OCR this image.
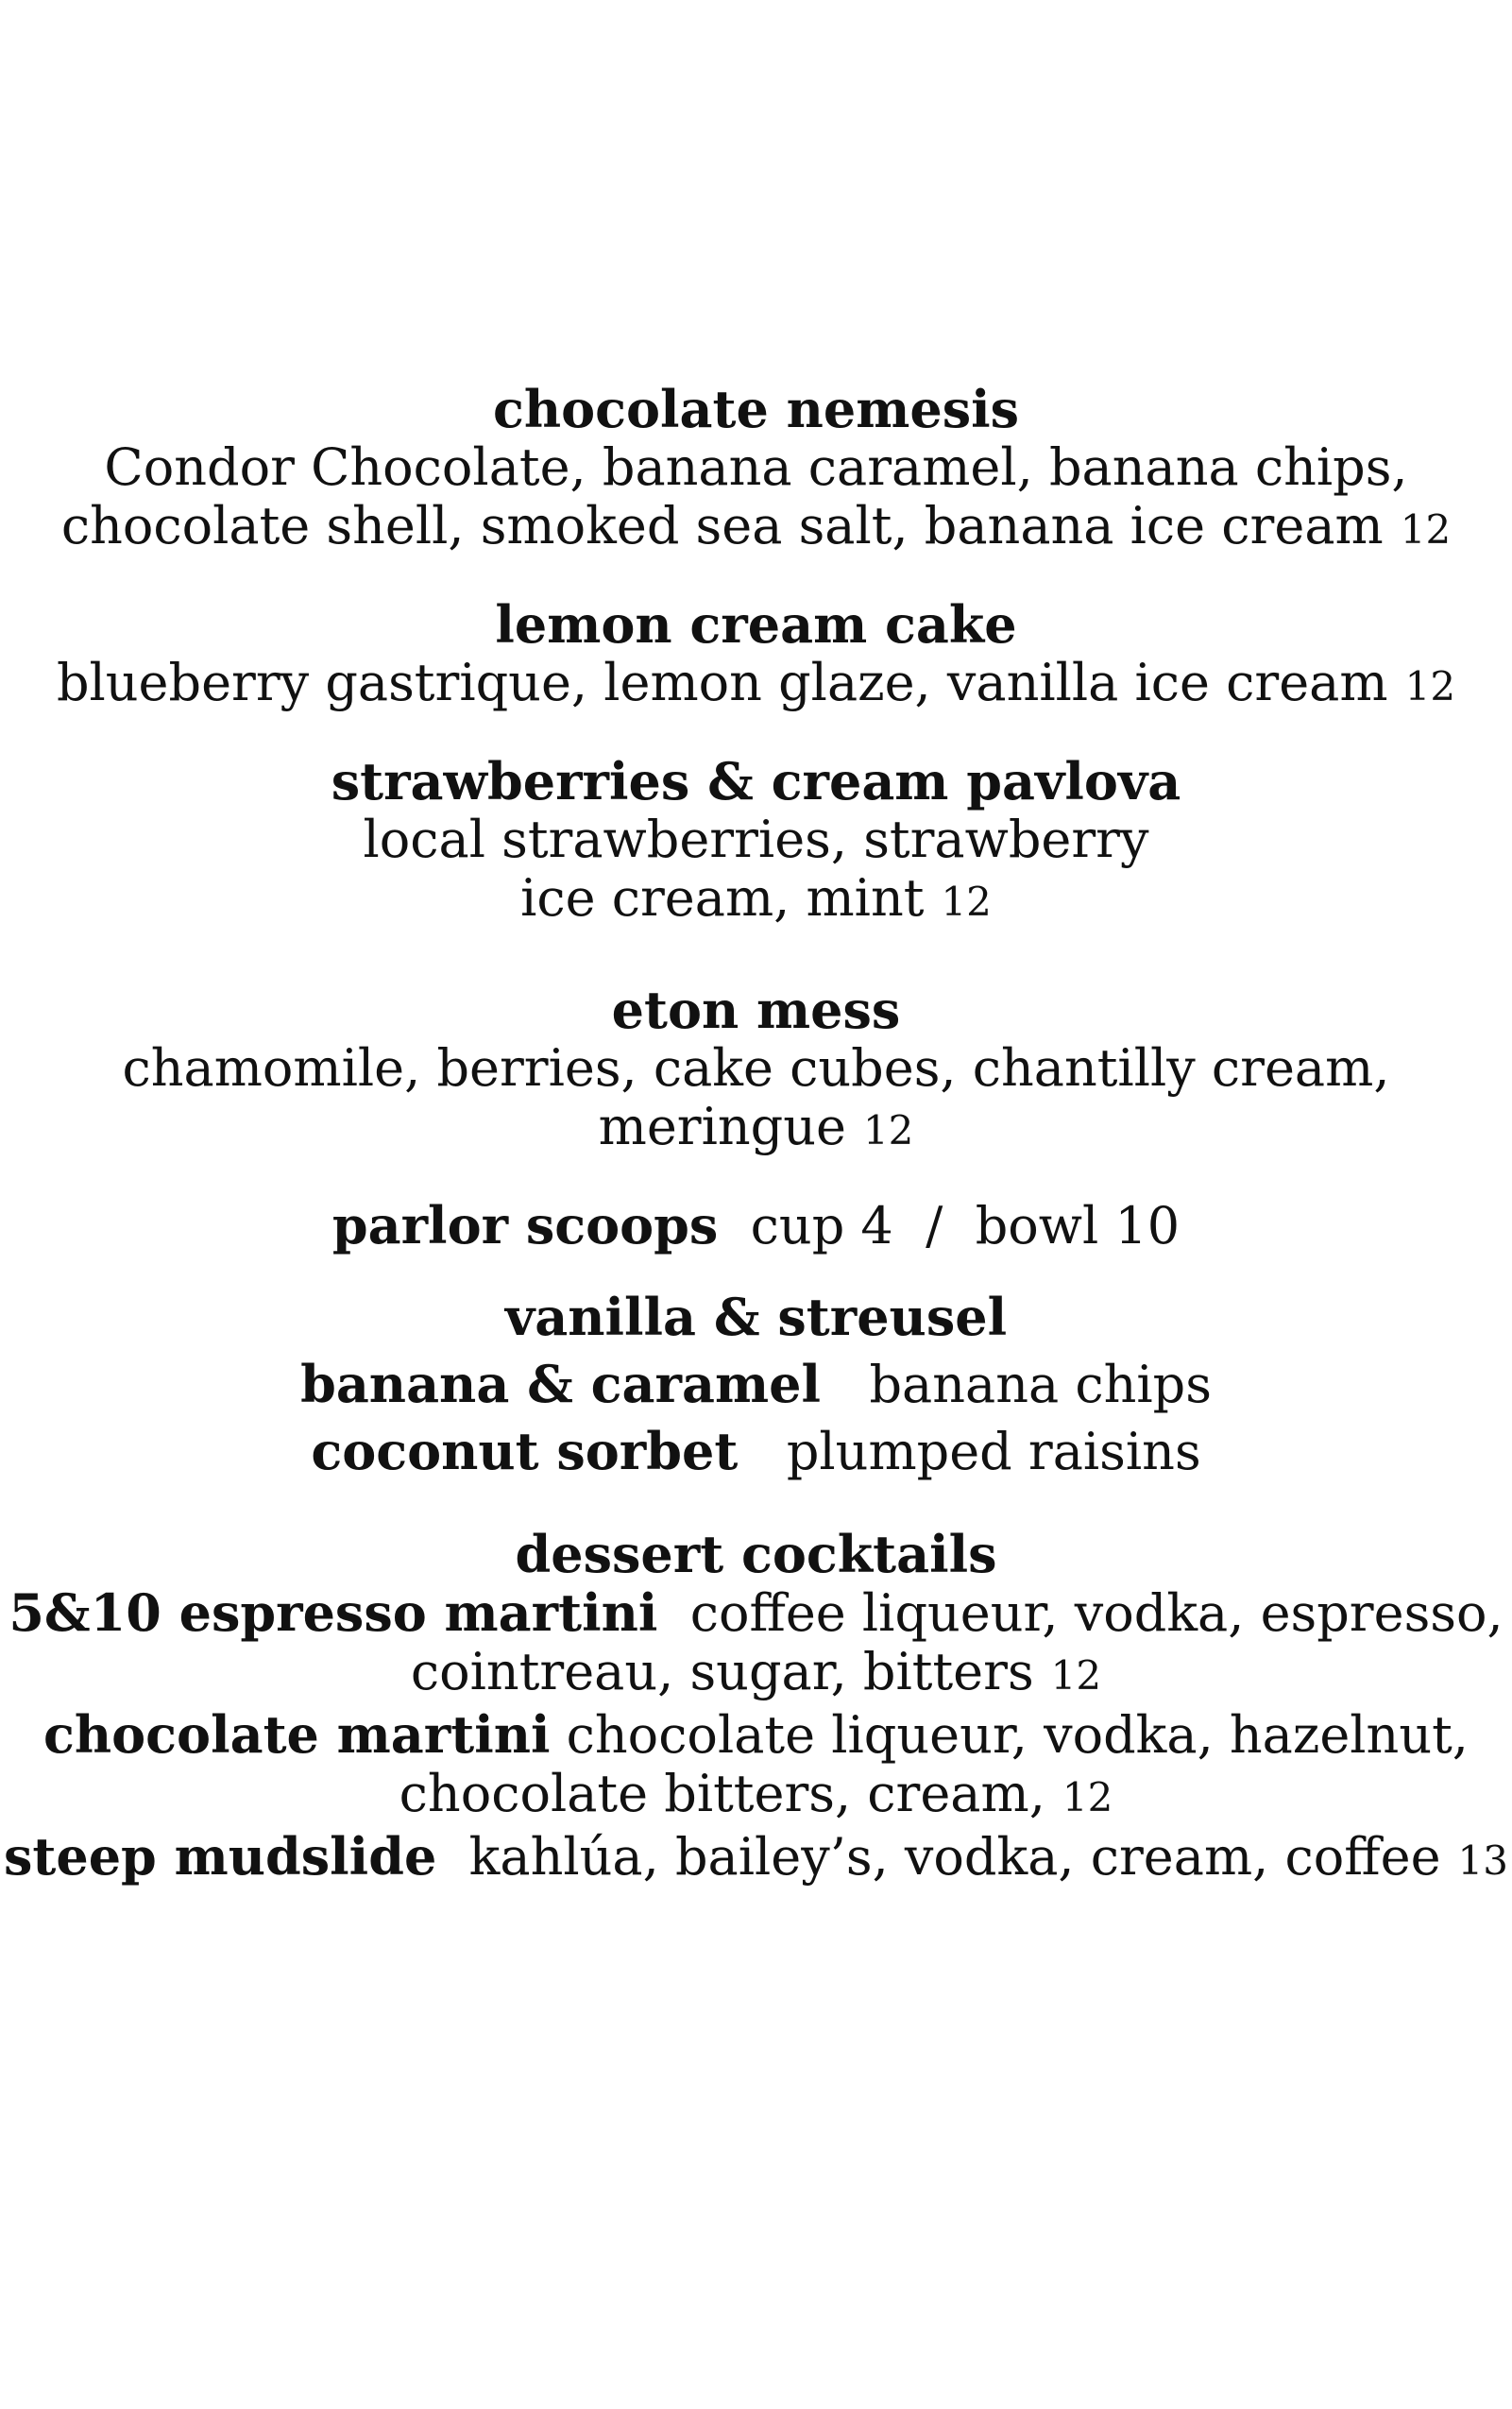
chocolate nemesis
Condor Chocolate, banana caramel, banana chips,
chocolate shell, smoked sea salt, banana ice cream 12
lemon cream cake
blueberry gastrique, lemon glaze, vanilla ice cream 12
strawberries & cream pavlova
local strawberries, strawberry
ice cream, mint 12
eton mess
chamomile, berries, cake cubes, chantilly cream,
meringue 12
parlor scoops cup 4 / bowl 10
vanilla & streusel
banana & caramel banana chips
coconut sorbet plumped raisins
dessert cocktails
5&10 espresso martini coffee liqueur, vodka, espresso,
cointreau, sugar, bitters 12
chocolate martini chocolate liqueur, vodka, hazelnut,
chocolate bitters, cream, 12
steep mudslide kahlúa, bailey’s, vodka, cream, coffee 13
